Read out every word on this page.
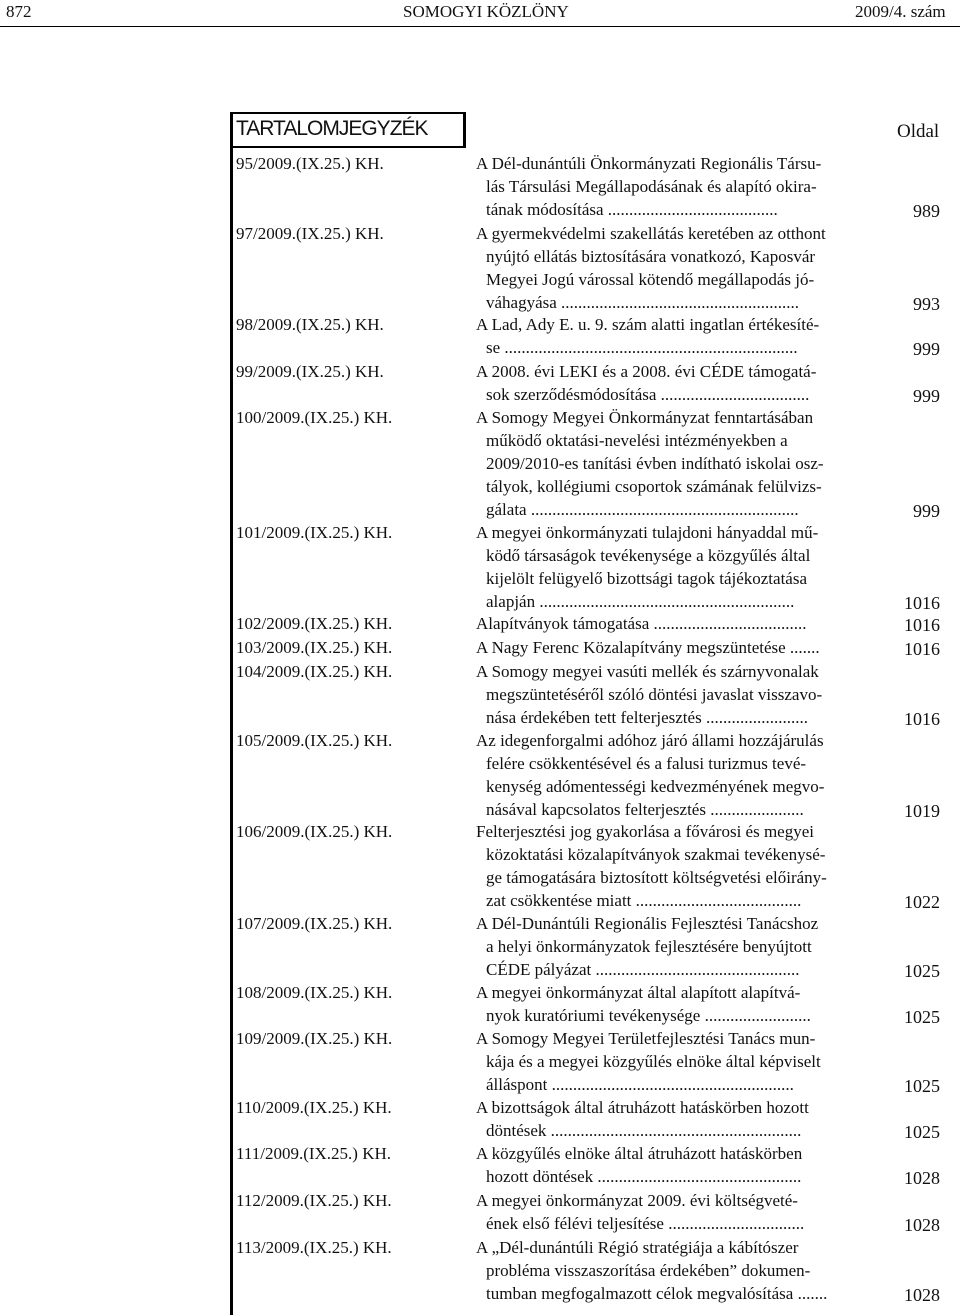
872	SOMOGYI KÖZLÖNY	2009/4. szám
TARTALOMJEGYZÉK	Oldal
95/2009.(IX.25.) KH.	A Dél-dunántúli Önkormányzati Regionális Társu-
lás Társulási Megállapodásának és alapító okira-
tának módosítása ........................................	989
97/2009.(IX.25.) KH.	A gyermekvédelmi szakellátás keretében az otthont
nyújtó ellátás biztosítására vonatkozó, Kaposvár
Megyei Jogú várossal kötendő megállapodás jó-
váhagyása ........................................................	993
98/2009.(IX.25.) KH.	A Lad, Ady E. u. 9. szám alatti ingatlan értékesíté-
se .....................................................................	999
99/2009.(IX.25.) KH.	A 2008. évi LEKI és a 2008. évi CÉDE támogatá-
sok szerződésmódosítása ...................................	999
100/2009.(IX.25.) KH.	A Somogy Megyei Önkormányzat fenntartásában
működő oktatási-nevelési intézményekben a
2009/2010-es tanítási évben indítható iskolai osz-
tályok, kollégiumi csoportok számának felülvizs-
gálata ...............................................................	999
101/2009.(IX.25.) KH.	A megyei önkormányzati tulajdoni hányaddal mű-
ködő társaságok tevékenysége a közgyűlés által
kijelölt felügyelő bizottsági tagok tájékoztatása
alapján ............................................................	1016
102/2009.(IX.25.) KH.	Alapítványok támogatása ....................................	1016
103/2009.(IX.25.) KH.	A Nagy Ferenc Közalapítvány megszüntetése .......	1016
104/2009.(IX.25.) KH.	A Somogy megyei vasúti mellék és szárnyvonalak
megszüntetéséről szóló döntési javaslat visszavo-
nása érdekében tett felterjesztés ........................	1016
105/2009.(IX.25.) KH.	Az idegenforgalmi adóhoz járó állami hozzájárulás
felére csökkentésével és a falusi turizmus tevé-
kenység adómentességi kedvezményének megvo-
násával kapcsolatos felterjesztés ......................	1019
106/2009.(IX.25.) KH.	Felterjesztési jog gyakorlása a fővárosi és megyei
közoktatási közalapítványok szakmai tevékenysé-
ge támogatására biztosított költségvetési előirány-
zat csökkentése miatt .......................................	1022
107/2009.(IX.25.) KH.	A Dél-Dunántúli Regionális Fejlesztési Tanácshoz
a helyi önkormányzatok fejlesztésére benyújtott
CÉDE pályázat ................................................	1025
108/2009.(IX.25.) KH.	A megyei önkormányzat által alapított alapítvá-
nyok kuratóriumi tevékenysége .........................	1025
109/2009.(IX.25.) KH.	A Somogy Megyei Területfejlesztési Tanács mun-
kája és a megyei közgyűlés elnöke által képviselt
álláspont .........................................................	1025
110/2009.(IX.25.) KH.	A bizottságok által átruházott hatáskörben hozott
döntések ...........................................................	1025
111/2009.(IX.25.) KH.	A közgyűlés elnöke által átruházott hatáskörben
hozott döntések ................................................	1028
112/2009.(IX.25.) KH.	A megyei önkormányzat 2009. évi költségveté-
ének első félévi teljesítése ................................	1028
113/2009.(IX.25.) KH.	A „Dél-dunántúli Régió stratégiája a kábítószer
probléma visszaszorítása érdekében” dokumen-
tumban megfogalmazott célok megvalósítása .......	1028
